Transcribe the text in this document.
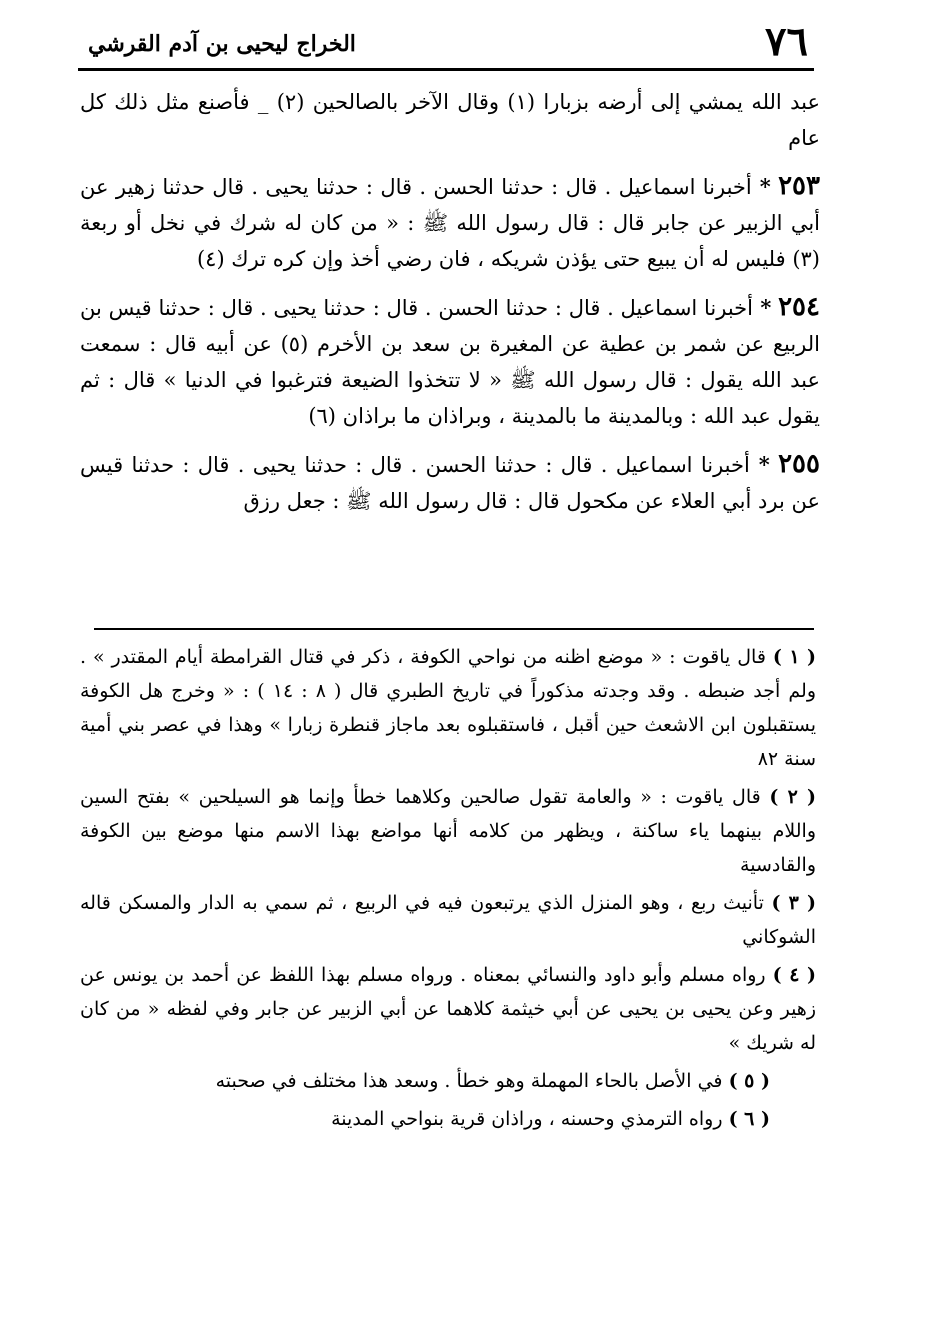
٧٦
الخراج ليحيى بن آدم القرشي

عبد الله يمشي إلى أرضه بزبارا (١) وقال الآخر بالصالحين (٢) _ فأصنع مثل ذلك كل عام

٢٥٣ * أخبرنا اسماعيل . قال : حدثنا الحسن . قال : حدثنا يحيى . قال حدثنا زهير عن أبي الزبير عن جابر قال : قال رسول الله ﷺ : « من كان له شرك في نخل أو ربعة (٣) فليس له أن يبيع حتى يؤذن شريكه ، فان رضي أخذ وإن كره ترك (٤)

٢٥٤ * أخبرنا اسماعيل . قال : حدثنا الحسن . قال : حدثنا يحيى . قال : حدثنا قيس بن الربيع عن شمر بن عطية عن المغيرة بن سعد بن الأخرم (٥) عن أبيه قال : سمعت عبد الله يقول : قال رسول الله ﷺ « لا تتخذوا الضيعة فترغبوا في الدنيا » قال : ثم يقول عبد الله : وبالمدينة ما بالمدينة ، وبراذان ما براذان (٦)

٢٥٥ * أخبرنا اسماعيل . قال : حدثنا الحسن . قال : حدثنا يحيى . قال : حدثنا قيس عن برد أبي العلاء عن مكحول قال : قال رسول الله ﷺ : جعل رزق

( ١ ) قال ياقوت : « موضع اظنه من نواحي الكوفة ، ذكر في قتال القرامطة أيام المقتدر » . ولم أجد ضبطه . وقد وجدته مذكوراً في تاريخ الطبري قال ( ٨ : ١٤ ) : « وخرج هل الكوفة يستقبلون ابن الاشعث حين أقبل ، فاستقبلوه بعد ماجاز قنطرة زبارا » وهذا في عصر بني أمية سنة ٨٢

( ٢ ) قال ياقوت : « والعامة تقول صالحين وكلاهما خطأ وإنما هو السيلحين » بفتح السين واللام بينهما ياء ساكنة ، ويظهر من كلامه أنها مواضع بهذا الاسم منها موضع بين الكوفة والقادسية

( ٣ ) تأنيث ربع ، وهو المنزل الذي يرتبعون فيه في الربيع ، ثم سمي به الدار والمسكن قاله الشوكاني

( ٤ ) رواه مسلم وأبو داود والنسائي بمعناه . ورواه مسلم بهذا اللفظ عن أحمد بن يونس عن زهير وعن يحيى بن يحيى عن أبي خيثمة كلاهما عن أبي الزبير عن جابر وفي لفظه « من كان له شريك »

( ٥ ) في الأصل بالحاء المهملة وهو خطأ . وسعد هذا مختلف في صحبته

( ٦ ) رواه الترمذي وحسنه ، وراذان قرية بنواحي المدينة
